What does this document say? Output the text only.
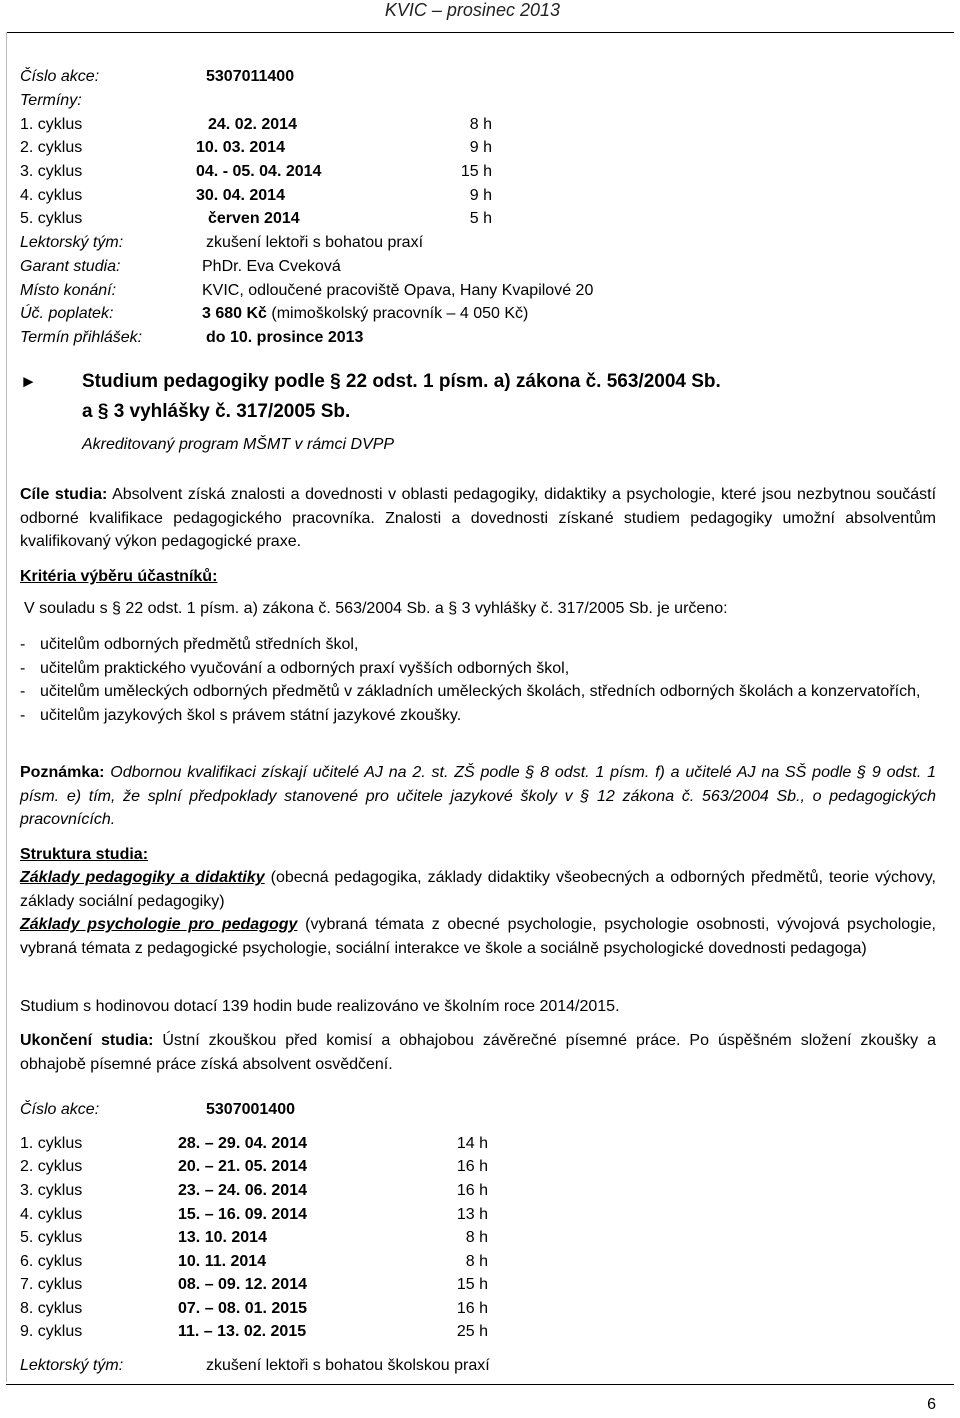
KVIC – prosinec 2013
Číslo akce:	5307011400
Termíny:
1. cyklus	24. 02. 2014	8 h
2. cyklus	10. 03. 2014	9 h
3. cyklus	04. - 05. 04. 2014	15 h
4. cyklus	30. 04. 2014	9 h
5. cyklus	červen 2014	5 h
Lektorský tým:	zkušení lektoři s bohatou praxí
Garant studia:	PhDr. Eva Cveková
Místo konání:	KVIC, odloučené pracoviště Opava, Hany Kvapilové 20
Úč. poplatek:	3 680 Kč (mimoškolský pracovník – 4 050 Kč)
Termín přihlášek:	do 10. prosince 2013
► Studium pedagogiky podle § 22 odst. 1 písm. a) zákona č. 563/2004 Sb.
a § 3 vyhlášky č. 317/2005 Sb.
Akreditovaný program MŠMT v rámci DVPP
Cíle studia: Absolvent získá znalosti a dovednosti v oblasti pedagogiky, didaktiky a psychologie, které jsou nezbytnou součástí odborné kvalifikace pedagogického pracovníka. Znalosti a dovednosti získané studiem pedagogiky umožní absolventům kvalifikovaný výkon pedagogické praxe.
Kritéria výběru účastníků:
V souladu s § 22 odst. 1 písm. a) zákona č. 563/2004 Sb. a § 3 vyhlášky č. 317/2005 Sb. je určeno:
- učitelům odborných předmětů středních škol,
- učitelům praktického vyučování a odborných praxí vyšších odborných škol,
- učitelům uměleckých odborných předmětů v základních uměleckých školách, středních odborných školách a konzervatořích,
- učitelům jazykových škol s právem státní jazykové zkoušky.
Poznámka: Odbornou kvalifikaci získají učitelé AJ na 2. st. ZŠ podle § 8 odst. 1 písm. f) a učitelé AJ na SŠ podle § 9 odst. 1 písm. e) tím, že splní předpoklady stanovené pro učitele jazykové školy v § 12 zákona č. 563/2004 Sb., o pedagogických pracovnících.
Struktura studia:
Základy pedagogiky a didaktiky (obecná pedagogika, základy didaktiky všeobecných a odborných předmětů, teorie výchovy, základy sociální pedagogiky)
Základy psychologie pro pedagogy (vybraná témata z obecné psychologie, psychologie osobnosti, vývojová psychologie, vybraná témata z pedagogické psychologie, sociální interakce ve škole a sociálně psychologické dovednosti pedagoga)
Studium s hodinovou dotací 139 hodin bude realizováno ve školním roce 2014/2015.
Ukončení studia: Ústní zkouškou před komisí a obhajobou závěrečné písemné práce. Po úspěšném složení zkoušky a obhajobě písemné práce získá absolvent osvědčení.
Číslo akce:	5307001400
1. cyklus	28. – 29. 04. 2014	14 h
2. cyklus	20. – 21. 05. 2014	16 h
3. cyklus	23. – 24. 06. 2014	16 h
4. cyklus	15. – 16. 09. 2014	13 h
5. cyklus	13. 10. 2014	8 h
6. cyklus	10. 11. 2014	8 h
7. cyklus	08. – 09. 12. 2014	15 h
8. cyklus	07. – 08. 01. 2015	16 h
9. cyklus	11. – 13. 02. 2015	25 h
Lektorský tým:	zkušení lektoři s bohatou školskou praxí
6
